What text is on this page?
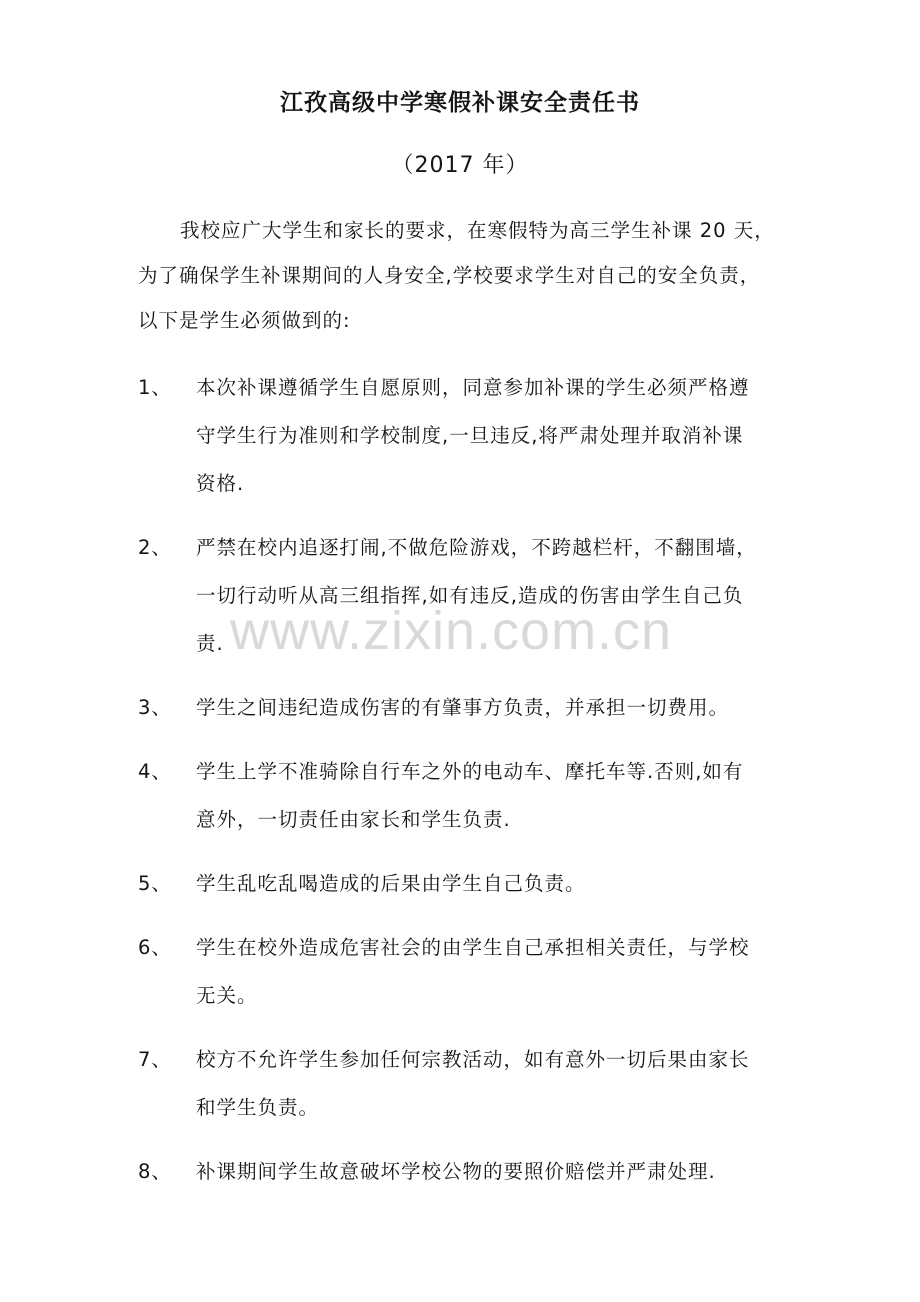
江孜高级中学寒假补课安全责任书
（2017 年）
我校应广大学生和家长的要求，在寒假特为高三学生补课 20 天，
为了确保学生补课期间的人身安全,学校要求学生对自己的安全负责，
以下是学生必须做到的:
1、	本次补课遵循学生自愿原则，同意参加补课的学生必须严格遵
守学生行为准则和学校制度,一旦违反,将严肃处理并取消补课
资格.
2、	严禁在校内追逐打闹,不做危险游戏，不跨越栏杆，不翻围墙，
一切行动听从高三组指挥,如有违反,造成的伤害由学生自己负
责.
3、	学生之间违纪造成伤害的有肇事方负责，并承担一切费用。
4、	学生上学不准骑除自行车之外的电动车、摩托车等.否则,如有
意外，一切责任由家长和学生负责.
5、	学生乱吃乱喝造成的后果由学生自己负责。
6、	学生在校外造成危害社会的由学生自己承担相关责任，与学校
无关。
7、	校方不允许学生参加任何宗教活动，如有意外一切后果由家长
和学生负责。
8、	补课期间学生故意破坏学校公物的要照价赔偿并严肃处理.
www.zixin.com.cn
